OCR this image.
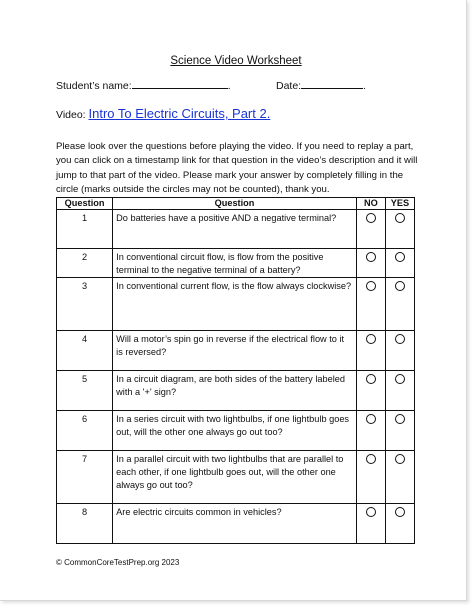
Science Video Worksheet
Student’s name:	.	Date:	.
Video: Intro To Electric Circuits, Part 2.
Please look over the questions before playing the video. If you need to replay a part, you can click on a timestamp link for that question in the video’s description and it will jump to that part of the video. Please mark your answer by completely filling in the circle (marks outside the circles may not be counted), thank you.
Question	Question	NO	YES
1	Do batteries have a positive AND a negative terminal?		
2	In conventional circuit flow, is flow from the positive terminal to the negative terminal of a battery?		
3	In conventional current flow, is the flow always clockwise?		
4	Will a motor’s spin go in reverse if the electrical flow to it is reversed?		
5	In a circuit diagram, are both sides of the battery labeled with a '+' sign?		
6	In a series circuit with two lightbulbs, if one lightbulb goes out, will the other one always go out too?		
7	In a parallel circuit with two lightbulbs that are parallel to each other, if one lightbulb goes out, will the other one always go out too?		
8	Are electric circuits common in vehicles?		
© CommonCoreTestPrep.org 2023
